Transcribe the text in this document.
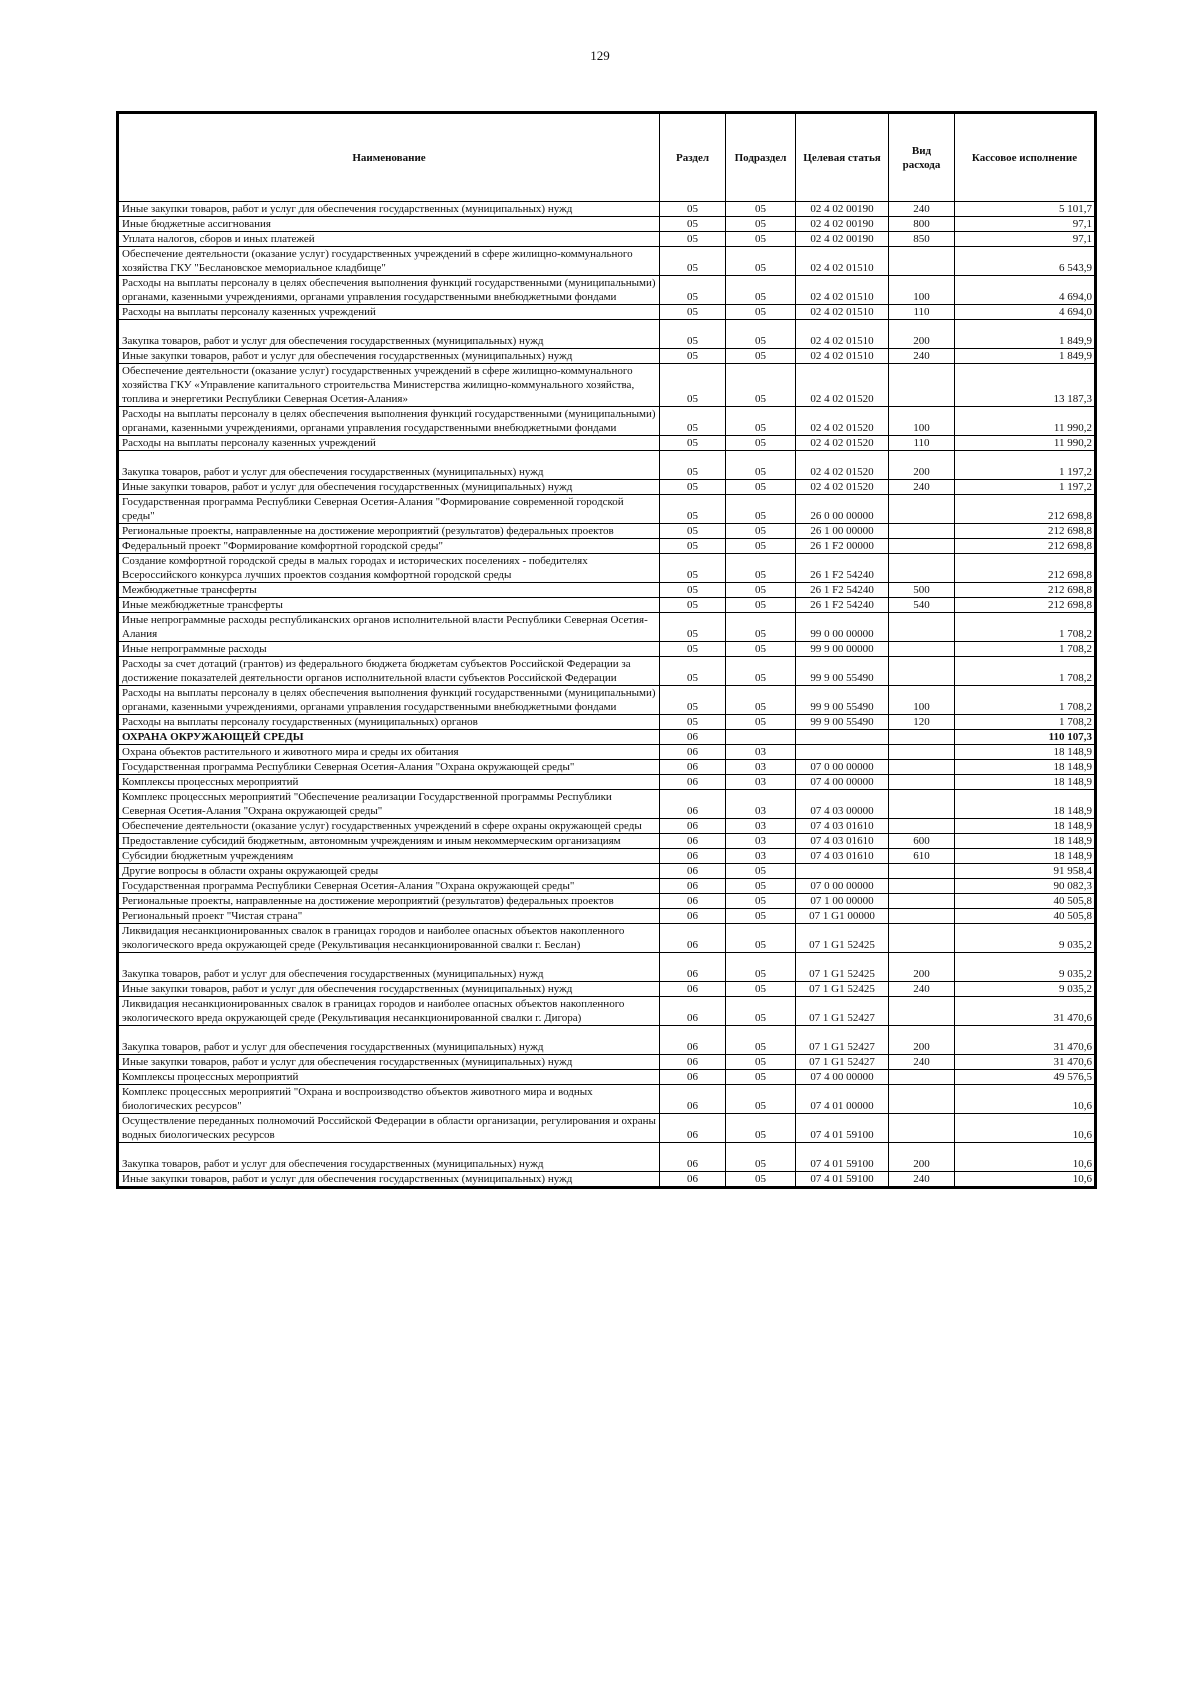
129
Наименование	Раздел	Подраздел	Целевая статья	Вид расхода	Кассовое исполнение
Иные закупки товаров, работ и услуг для обеспечения государственных (муниципальных) нужд	05	05	02 4 02 00190	240	5 101,7
Иные бюджетные ассигнования	05	05	02 4 02 00190	800	97,1
Уплата налогов, сборов и иных платежей	05	05	02 4 02 00190	850	97,1
Обеспечение деятельности (оказание услуг) государственных учреждений в сфере жилищно-коммунального хозяйства ГКУ "Беслановское мемориальное кладбище"	05	05	02 4 02 01510		6 543,9
Расходы на выплаты персоналу в целях обеспечения выполнения функций государственными (муниципальными) органами, казенными учреждениями, органами управления государственными внебюджетными фондами	05	05	02 4 02 01510	100	4 694,0
Расходы на выплаты персоналу казенных учреждений	05	05	02 4 02 01510	110	4 694,0
Закупка товаров, работ и услуг для обеспечения государственных (муниципальных) нужд	05	05	02 4 02 01510	200	1 849,9
Иные закупки товаров, работ и услуг для обеспечения государственных (муниципальных) нужд	05	05	02 4 02 01510	240	1 849,9
Обеспечение деятельности (оказание услуг) государственных учреждений в сфере жилищно-коммунального хозяйства ГКУ «Управление капитального строительства Министерства жилищно-коммунального хозяйства, топлива и энергетики Республики Северная Осетия-Алания»	05	05	02 4 02 01520		13 187,3
Расходы на выплаты персоналу в целях обеспечения выполнения функций государственными (муниципальными) органами, казенными учреждениями, органами управления государственными внебюджетными фондами	05	05	02 4 02 01520	100	11 990,2
Расходы на выплаты персоналу казенных учреждений	05	05	02 4 02 01520	110	11 990,2
Закупка товаров, работ и услуг для обеспечения государственных (муниципальных) нужд	05	05	02 4 02 01520	200	1 197,2
Иные закупки товаров, работ и услуг для обеспечения государственных (муниципальных) нужд	05	05	02 4 02 01520	240	1 197,2
Государственная программа Республики Северная Осетия-Алания "Формирование современной городской среды"	05	05	26 0 00 00000		212 698,8
Региональные проекты, направленные на достижение мероприятий (результатов) федеральных проектов	05	05	26 1 00 00000		212 698,8
Федеральный проект "Формирование комфортной городской среды"	05	05	26 1 F2 00000		212 698,8
Создание комфортной городской среды в малых городах и исторических поселениях - победителях Всероссийского конкурса лучших проектов создания комфортной городской среды	05	05	26 1 F2 54240		212 698,8
Межбюджетные трансферты	05	05	26 1 F2 54240	500	212 698,8
Иные межбюджетные трансферты	05	05	26 1 F2 54240	540	212 698,8
Иные непрограммные расходы республиканских органов исполнительной власти Республики Северная Осетия-Алания	05	05	99 0 00 00000		1 708,2
Иные непрограммные расходы	05	05	99 9 00 00000		1 708,2
Расходы за счет дотаций (грантов) из федерального бюджета бюджетам субъектов Российской Федерации за достижение показателей деятельности органов исполнительной власти субъектов Российской Федерации	05	05	99 9 00 55490		1 708,2
Расходы на выплаты персоналу в целях обеспечения выполнения функций государственными (муниципальными) органами, казенными учреждениями, органами управления государственными внебюджетными фондами	05	05	99 9 00 55490	100	1 708,2
Расходы на выплаты персоналу государственных (муниципальных) органов	05	05	99 9 00 55490	120	1 708,2
ОХРАНА ОКРУЖАЮЩЕЙ СРЕДЫ	06				110 107,3
Охрана объектов растительного и животного мира и среды их обитания	06	03			18 148,9
Государственная программа Республики Северная Осетия-Алания "Охрана окружающей среды"	06	03	07 0 00 00000		18 148,9
Комплексы процессных мероприятий	06	03	07 4 00 00000		18 148,9
Комплекс процессных мероприятий "Обеспечение реализации Государственной программы Республики Северная Осетия-Алания "Охрана окружающей среды"	06	03	07 4 03 00000		18 148,9
Обеспечение деятельности (оказание услуг) государственных учреждений в сфере охраны окружающей среды	06	03	07 4 03 01610		18 148,9
Предоставление субсидий бюджетным, автономным учреждениям и иным некоммерческим организациям	06	03	07 4 03 01610	600	18 148,9
Субсидии бюджетным учреждениям	06	03	07 4 03 01610	610	18 148,9
Другие вопросы в области охраны окружающей среды	06	05			91 958,4
Государственная программа Республики Северная Осетия-Алания "Охрана окружающей среды"	06	05	07 0 00 00000		90 082,3
Региональные проекты, направленные на достижение мероприятий (результатов) федеральных проектов	06	05	07 1 00 00000		40 505,8
Региональный проект "Чистая страна"	06	05	07 1 G1 00000		40 505,8
Ликвидация несанкционированных свалок в границах городов и наиболее опасных объектов накопленного экологического вреда окружающей среде (Рекультивация несанкционированной свалки г. Беслан)	06	05	07 1 G1 52425		9 035,2
Закупка товаров, работ и услуг для обеспечения государственных (муниципальных) нужд	06	05	07 1 G1 52425	200	9 035,2
Иные закупки товаров, работ и услуг для обеспечения государственных (муниципальных) нужд	06	05	07 1 G1 52425	240	9 035,2
Ликвидация несанкционированных свалок в границах городов и наиболее опасных объектов накопленного экологического вреда окружающей среде (Рекультивация несанкционированной свалки г. Дигора)	06	05	07 1 G1 52427		31 470,6
Закупка товаров, работ и услуг для обеспечения государственных (муниципальных) нужд	06	05	07 1 G1 52427	200	31 470,6
Иные закупки товаров, работ и услуг для обеспечения государственных (муниципальных) нужд	06	05	07 1 G1 52427	240	31 470,6
Комплексы процессных мероприятий	06	05	07 4 00 00000		49 576,5
Комплекс процессных мероприятий "Охрана и воспроизводство объектов животного мира и водных биологических ресурсов"	06	05	07 4 01 00000		10,6
Осуществление переданных полномочий Российской Федерации в области организации, регулирования и охраны водных биологических ресурсов	06	05	07 4 01 59100		10,6
Закупка товаров, работ и услуг для обеспечения государственных (муниципальных) нужд	06	05	07 4 01 59100	200	10,6
Иные закупки товаров, работ и услуг для обеспечения государственных (муниципальных) нужд	06	05	07 4 01 59100	240	10,6
